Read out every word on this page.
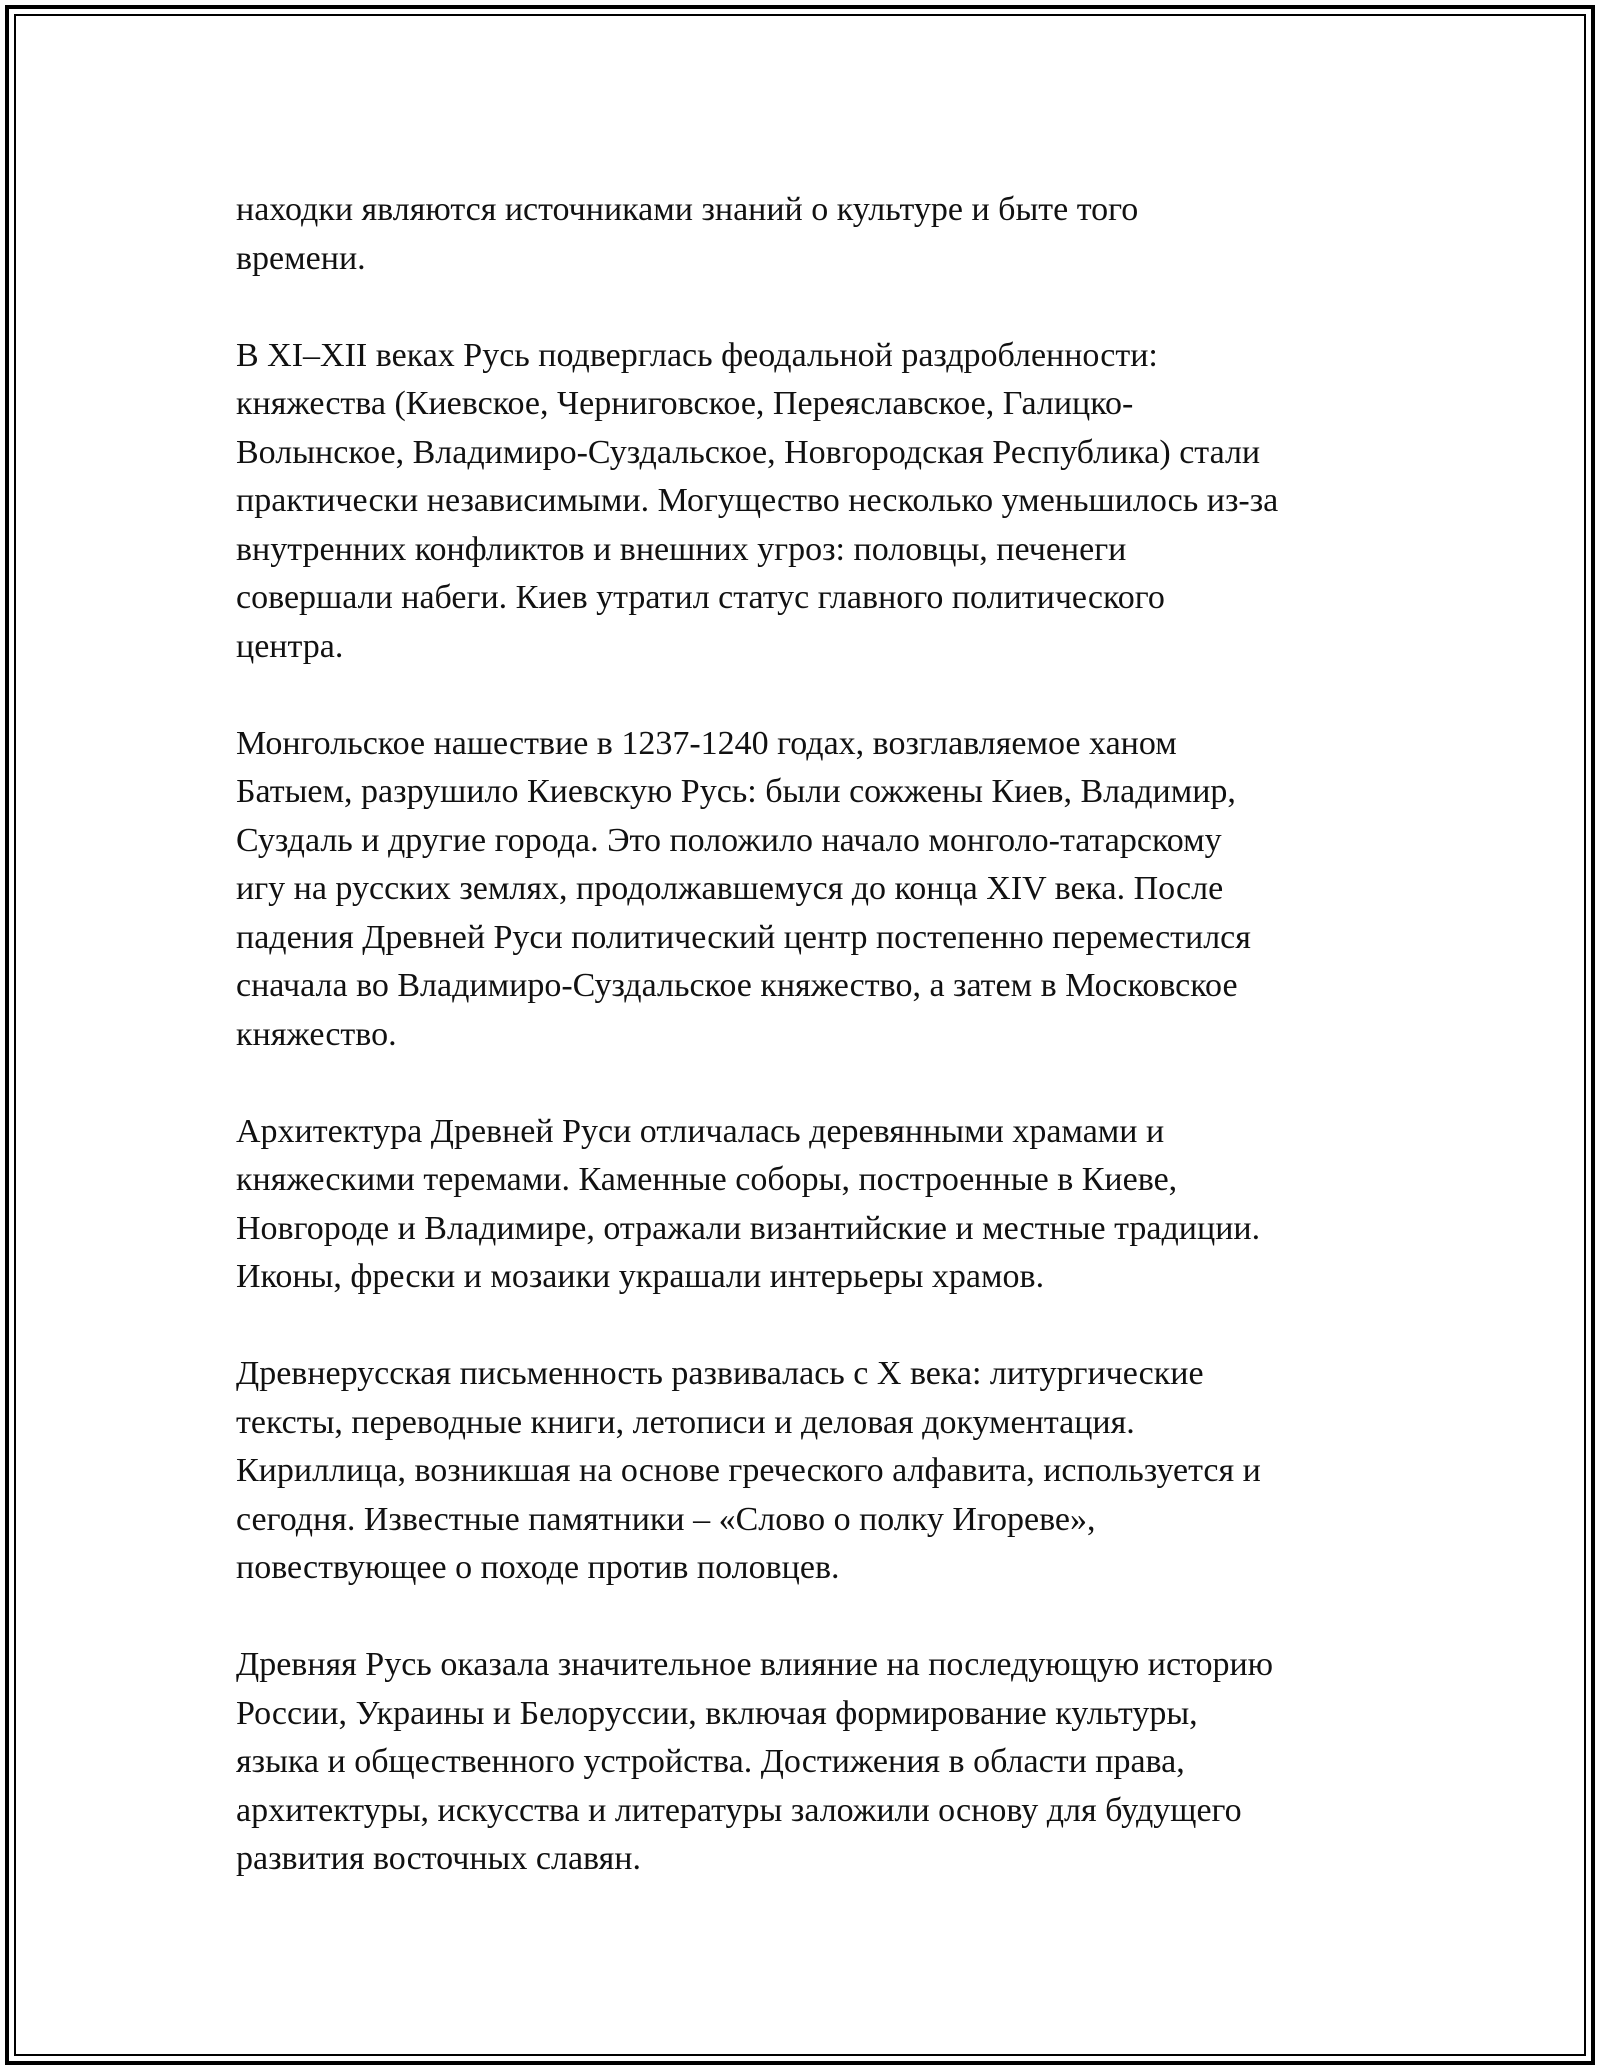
находки являются источниками знаний о культуре и быте того
времени.

В XI–XII веках Русь подверглась феодальной раздробленности:
княжества (Киевское, Черниговское, Переяславское, Галицко-
Волынское, Владимиро-Суздальское, Новгородская Республика) стали
практически независимыми. Могущество несколько уменьшилось из-за
внутренних конфликтов и внешних угроз: половцы, печенеги
совершали набеги. Киев утратил статус главного политического
центра.

Монгольское нашествие в 1237-1240 годах, возглавляемое ханом
Батыем, разрушило Киевскую Русь: были сожжены Киев, Владимир,
Суздаль и другие города. Это положило начало монголо-татарскому
игу на русских землях, продолжавшемуся до конца XIV века. После
падения Древней Руси политический центр постепенно переместился
сначала во Владимиро-Суздальское княжество, а затем в Московское
княжество.

Архитектура Древней Руси отличалась деревянными храмами и
княжескими теремами. Каменные соборы, построенные в Киеве,
Новгороде и Владимире, отражали византийские и местные традиции.
Иконы, фрески и мозаики украшали интерьеры храмов.

Древнерусская письменность развивалась с X века: литургические
тексты, переводные книги, летописи и деловая документация.
Кириллица, возникшая на основе греческого алфавита, используется и
сегодня. Известные памятники – «Слово о полку Игореве»,
повествующее о походе против половцев.

Древняя Русь оказала значительное влияние на последующую историю
России, Украины и Белоруссии, включая формирование культуры,
языка и общественного устройства. Достижения в области права,
архитектуры, искусства и литературы заложили основу для будущего
развития восточных славян.
